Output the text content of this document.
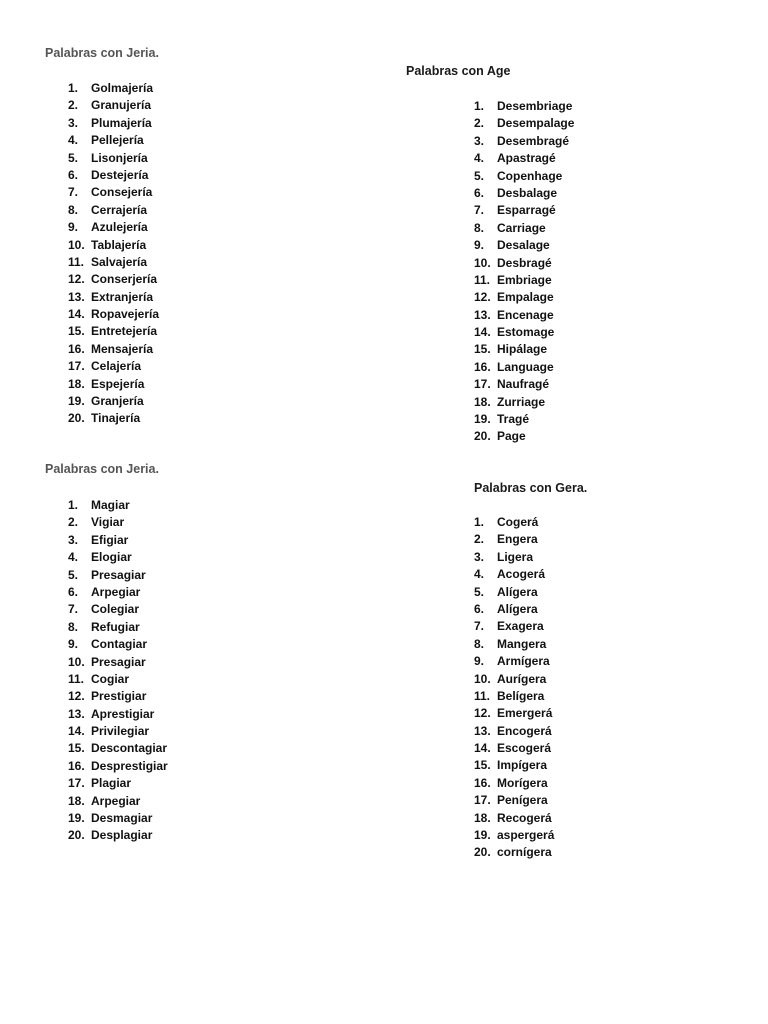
Palabras con Jeria.
1. Golmajería
2. Granujería
3. Plumajería
4. Pellejería
5. Lisonjería
6. Destejería
7. Consejería
8. Cerrajería
9. Azulejería
10. Tablajería
11. Salvajería
12. Conserjería
13. Extranjería
14. Ropavejería
15. Entretejería
16. Mensajería
17. Celajería
18. Espejería
19. Granjería
20. Tinajería
Palabras con Age
1. Desembriage
2. Desempalage
3. Desembragé
4. Apastragé
5. Copenhage
6. Desbalage
7. Esparragé
8. Carriage
9. Desalage
10. Desbragé
11. Embriage
12. Empalage
13. Encenage
14. Estomage
15. Hipálage
16. Language
17. Naufragé
18. Zurriage
19. Tragé
20. Page
Palabras con Jeria.
1. Magiar
2. Vigiar
3. Efigiar
4. Elogiar
5. Presagiar
6. Arpegiar
7. Colegiar
8. Refugiar
9. Contagiar
10. Presagiar
11. Cogiar
12. Prestigiar
13. Aprestigiar
14. Privilegiar
15. Descontagiar
16. Desprestigiar
17. Plagiar
18. Arpegiar
19. Desmagiar
20. Desplagiar
Palabras con Gera.
1. Cogerá
2. Engera
3. Ligera
4. Acogerá
5. Alígera
6. Alígera
7. Exagera
8. Mangera
9. Armígera
10. Aurígera
11. Belígera
12. Emergerá
13. Encogerá
14. Escogerá
15. Impígera
16. Morígera
17. Penígera
18. Recogerá
19. aspergerá
20. cornígera
